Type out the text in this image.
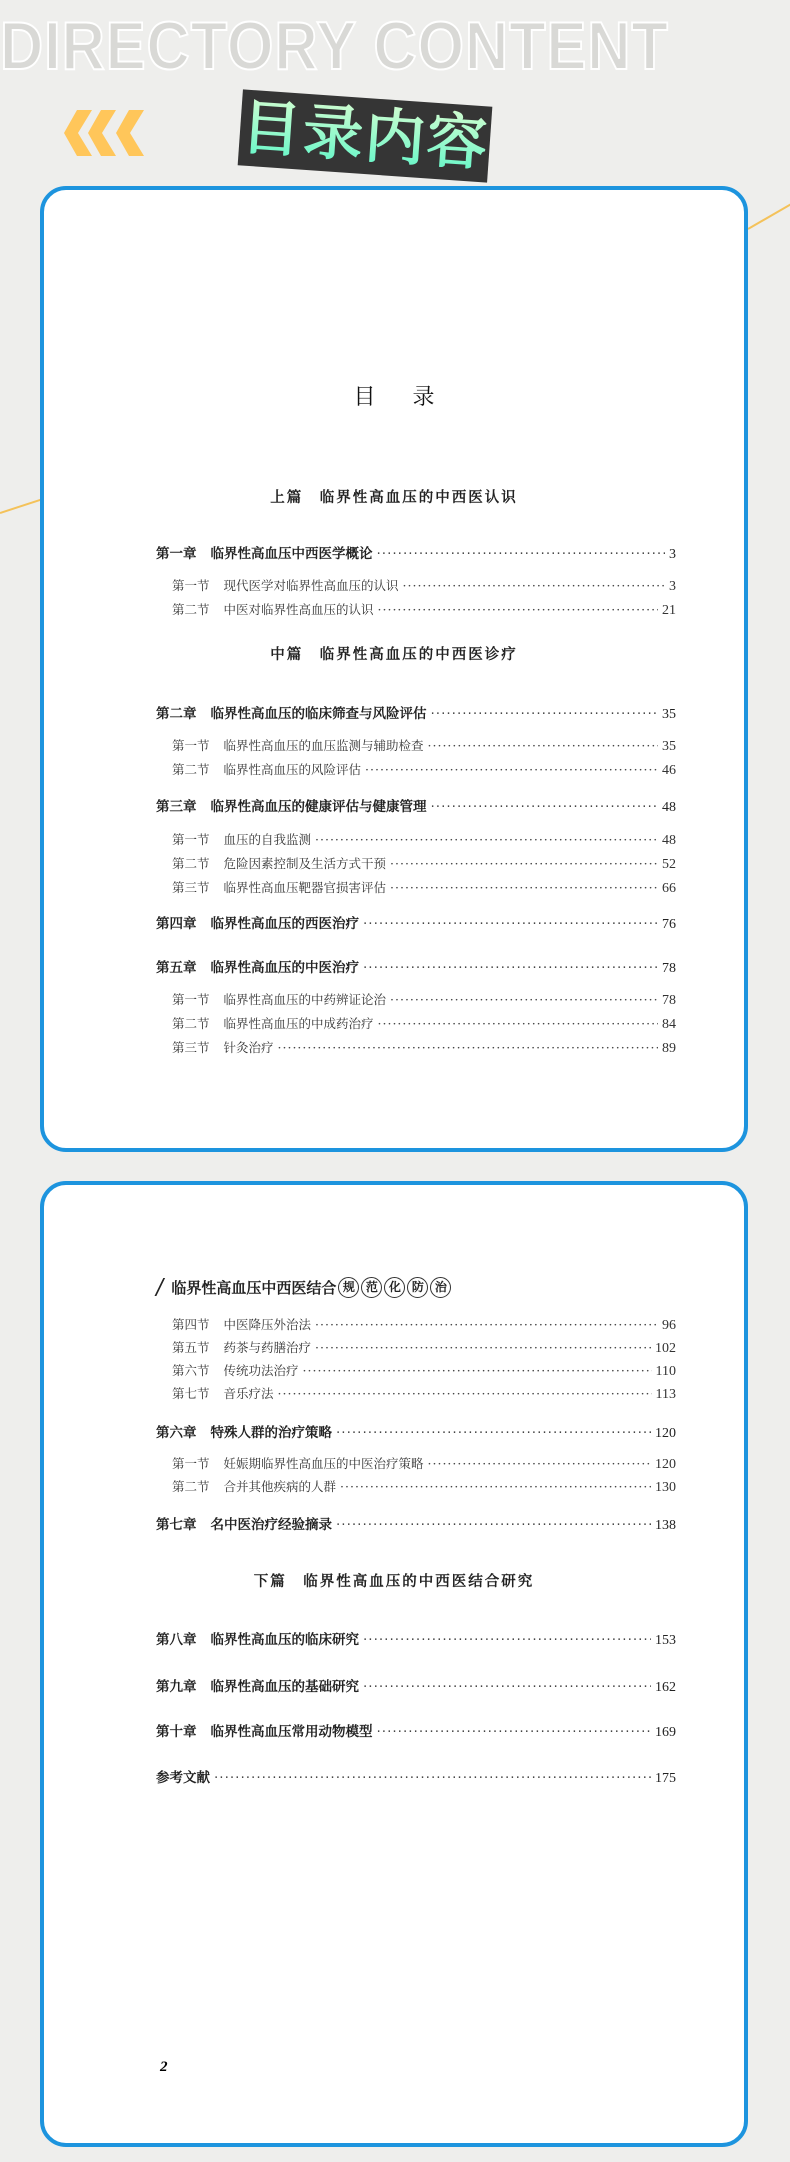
DIRECTORY CONTENT
目录内容
目 录
上篇　临界性高血压的中西医认识
第一章 临界性高血压中西医学概论 ·····	3
第一节 现代医学对临界性高血压的认识 ·····	3
第二节 中医对临界性高血压的认识 ·····	21
中篇　临界性高血压的中西医诊疗
第二章 临界性高血压的临床筛查与风险评估 ·····	35
第一节 临界性高血压的血压监测与辅助检查 ·····	35
第二节 临界性高血压的风险评估 ·····	46
第三章 临界性高血压的健康评估与健康管理 ·····	48
第一节 血压的自我监测 ·····	48
第二节 危险因素控制及生活方式干预 ·····	52
第三节 临界性高血压靶器官损害评估 ·····	66
第四章 临界性高血压的西医治疗 ·····	76
第五章 临界性高血压的中医治疗 ·····	78
第一节 临界性高血压的中药辨证论治 ·····	78
第二节 临界性高血压的中成药治疗 ·····	84
第三节 针灸治疗 ·····	89
/ 临界性高血压中西医结合 规 范 化 防 治
2
第四节 中医降压外治法 ·····	96
第五节 药茶与药膳治疗 ·····	102
第六节 传统功法治疗 ·····	110
第七节 音乐疗法 ·····	113
第六章 特殊人群的治疗策略 ·····	120
第一节 妊娠期临界性高血压的中医治疗策略 ·····	120
第二节 合并其他疾病的人群 ·····	130
第七章 名中医治疗经验摘录 ·····	138
下篇　临界性高血压的中西医结合研究
第八章 临界性高血压的临床研究 ·····	153
第九章 临界性高血压的基础研究 ·····	162
第十章 临界性高血压常用动物模型 ·····	169
参考文献 ·····	175
